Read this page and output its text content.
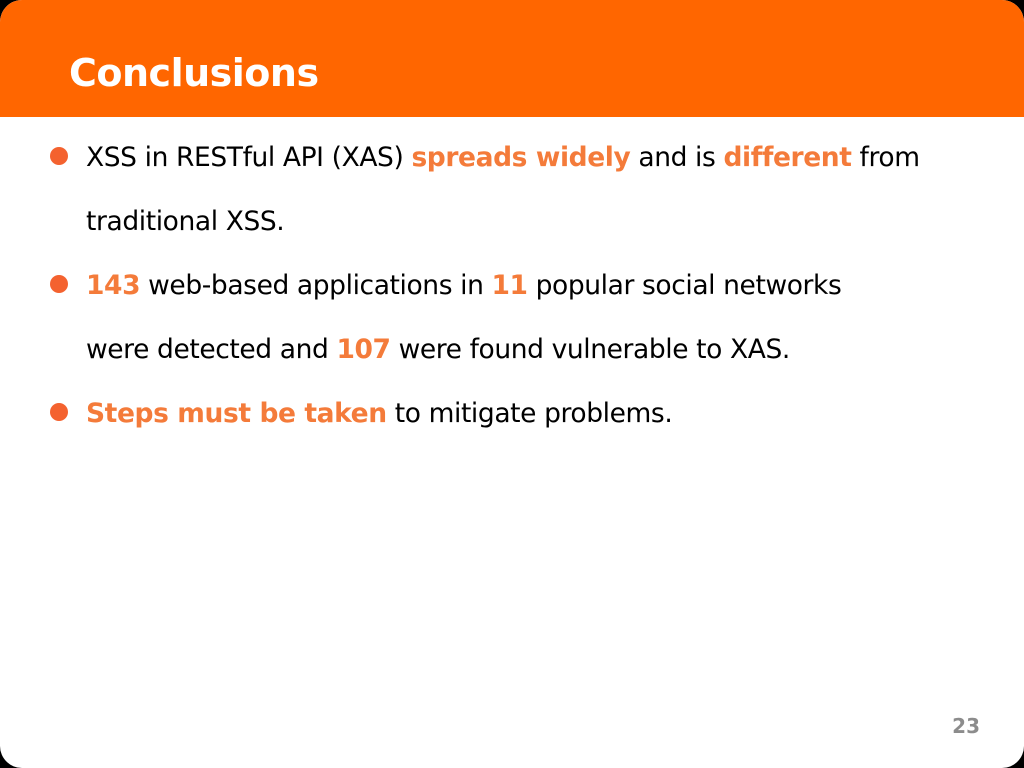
Conclusions
XSS in RESTful API (XAS) spreads widely and is different from
traditional XSS.
143 web-based applications in 11 popular social networks
were detected and 107 were found vulnerable to XAS.
Steps must be taken to mitigate problems.
23
